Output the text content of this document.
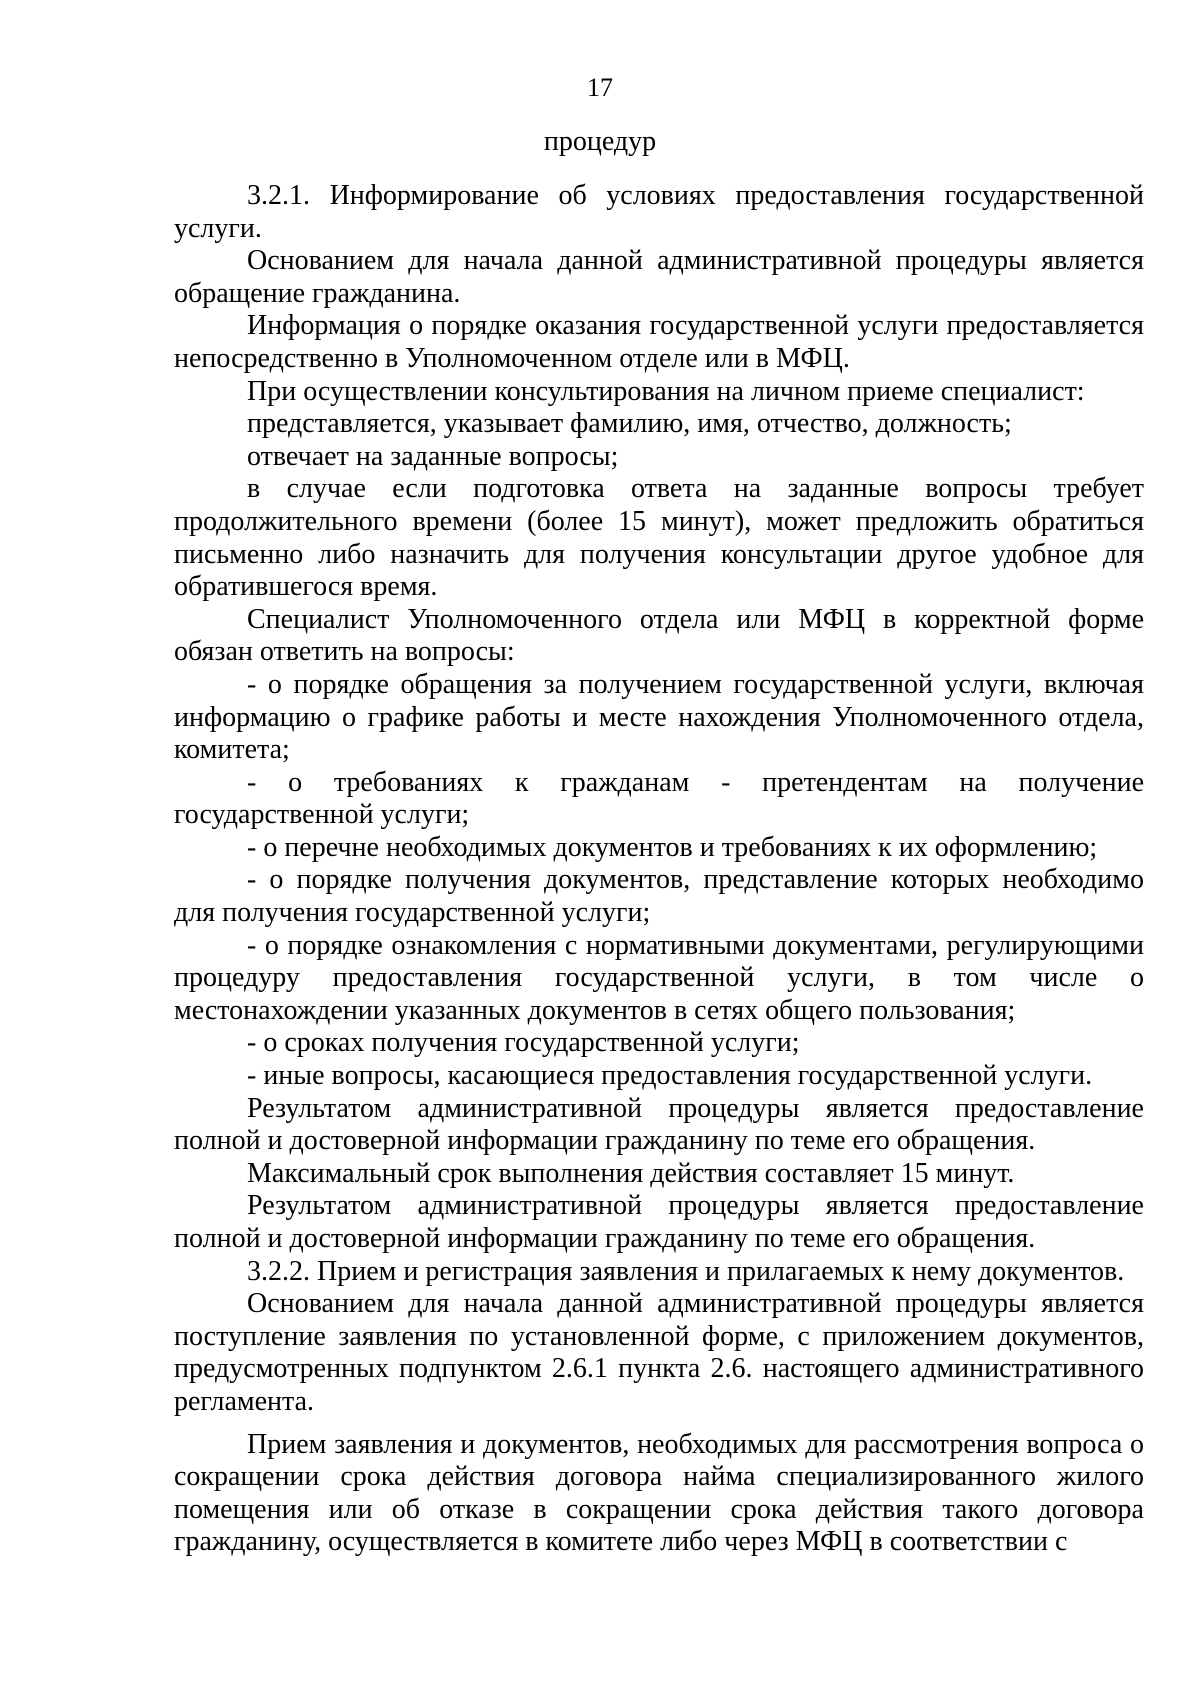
17
процедур

3.2.1. Информирование об условиях предоставления государственной услуги.

Основанием для начала данной административной процедуры является обращение гражданина.

Информация о порядке оказания государственной услуги предоставляется непосредственно в Уполномоченном отделе или в МФЦ.

При осуществлении консультирования на личном приеме специалист:

представляется, указывает фамилию, имя, отчество, должность;

отвечает на заданные вопросы;

в случае если подготовка ответа на заданные вопросы требует продолжительного времени (более 15 минут), может предложить обратиться письменно либо назначить для получения консультации другое удобное для обратившегося время.

Специалист Уполномоченного отдела или МФЦ в корректной форме обязан ответить на вопросы:

- о порядке обращения за получением государственной услуги, включая информацию о графике работы и месте нахождения Уполномоченного отдела, комитета;

- о требованиях к гражданам - претендентам на получение государственной услуги;

- о перечне необходимых документов и требованиях к их оформлению;

- о порядке получения документов, представление которых необходимо для получения государственной услуги;

- о порядке ознакомления с нормативными документами, регулирующими процедуру предоставления государственной услуги, в том числе о местонахождении указанных документов в сетях общего пользования;

- о сроках получения государственной услуги;

- иные вопросы, касающиеся предоставления государственной услуги.

Результатом административной процедуры является предоставление полной и достоверной информации гражданину по теме его обращения.

Максимальный срок выполнения действия составляет 15 минут.

Результатом административной процедуры является предоставление полной и достоверной информации гражданину по теме его обращения.

3.2.2. Прием и регистрация заявления и прилагаемых к нему документов.

Основанием для начала данной административной процедуры является поступление заявления по установленной форме, с приложением документов, предусмотренных подпунктом 2.6.1 пункта 2.6. настоящего административного регламента.

Прием заявления и документов, необходимых для рассмотрения вопроса о сокращении срока действия договора найма специализированного жилого помещения или об отказе в сокращении срока действия такого договора гражданину, осуществляется в комитете либо через МФЦ в соответствии с
